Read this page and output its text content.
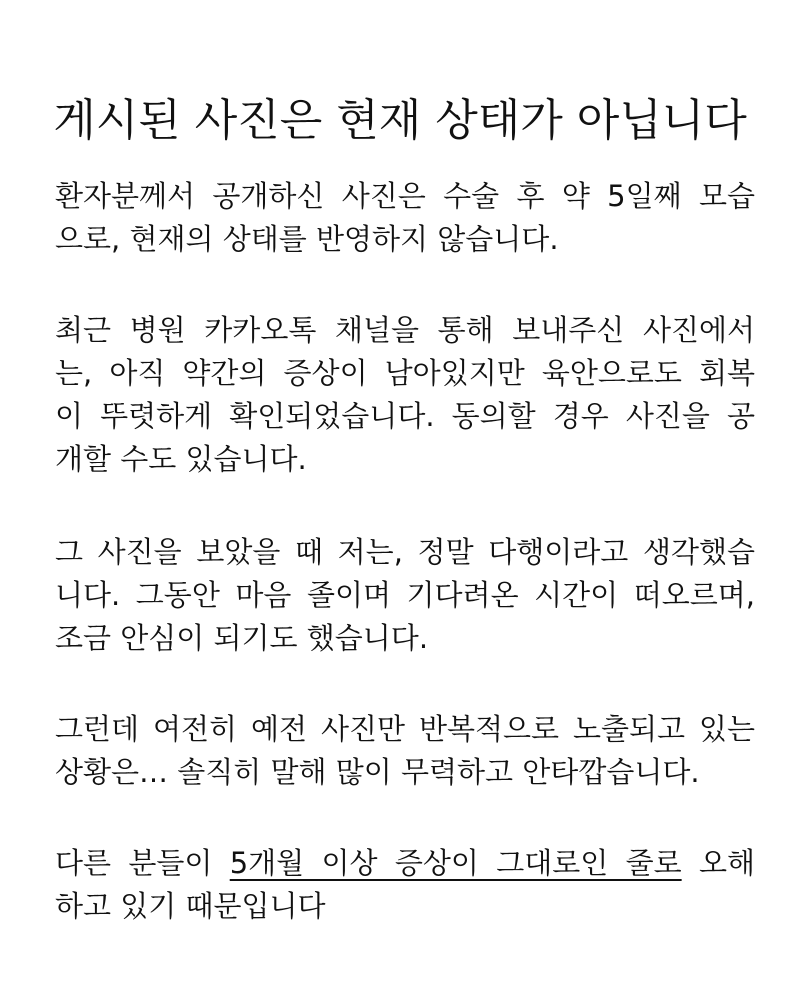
게시된 사진은 현재 상태가 아닙니다
환자분께서 공개하신 사진은 수술 후 약 5일째 모습
으로, 현재의 상태를 반영하지 않습니다.
최근 병원 카카오톡 채널을 통해 보내주신 사진에서
는, 아직 약간의 증상이 남아있지만 육안으로도 회복
이 뚜렷하게 확인되었습니다. 동의할 경우 사진을 공
개할 수도 있습니다.
그 사진을 보았을 때 저는, 정말 다행이라고 생각했습
니다. 그동안 마음 졸이며 기다려온 시간이 떠오르며,
조금 안심이 되기도 했습니다.
그런데 여전히 예전 사진만 반복적으로 노출되고 있는
상황은… 솔직히 말해 많이 무력하고 안타깝습니다.
다른 분들이 5개월 이상 증상이 그대로인 줄로 오해
하고 있기 때문입니다
